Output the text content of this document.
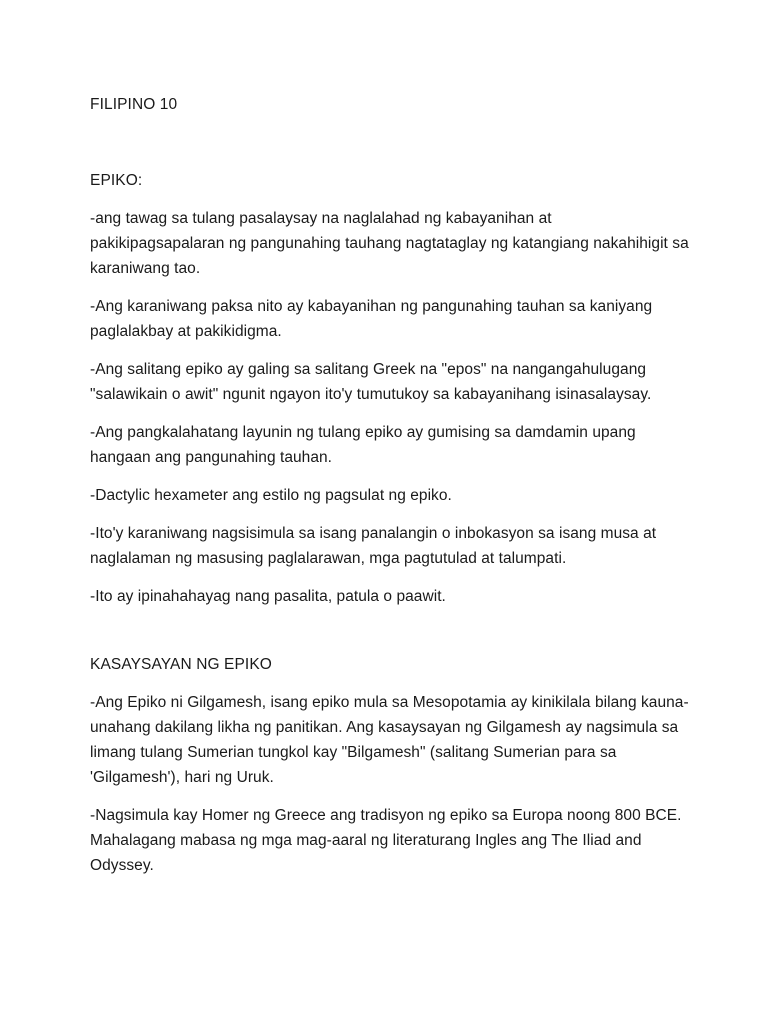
FILIPINO 10

EPIKO:

-ang tawag sa tulang pasalaysay na naglalahad ng kabayanihan at pakikipagsapalaran ng pangunahing tauhang nagtataglay ng katangiang nakahihigit sa karaniwang tao.

-Ang karaniwang paksa nito ay kabayanihan ng pangunahing tauhan sa kaniyang paglalakbay at pakikidigma.

-Ang salitang epiko ay galing sa salitang Greek na "epos" na nangangahulugang "salawikain o awit" ngunit ngayon ito'y tumutukoy sa kabayanihang isinasalaysay.

-Ang pangkalahatang layunin ng tulang epiko ay gumising sa damdamin upang hangaan ang pangunahing tauhan.

-Dactylic hexameter ang estilo ng pagsulat ng epiko.

-Ito'y karaniwang nagsisimula sa isang panalangin o inbokasyon sa isang musa at naglalaman ng masusing paglalarawan, mga pagtutulad at talumpati.

-Ito ay ipinahahayag nang pasalita, patula o paawit.

KASAYSAYAN NG EPIKO

-Ang Epiko ni Gilgamesh, isang epiko mula sa Mesopotamia ay kinikilala bilang kauna-unahang dakilang likha ng panitikan. Ang kasaysayan ng Gilgamesh ay nagsimula sa limang tulang Sumerian tungkol kay "Bilgamesh" (salitang Sumerian para sa 'Gilgamesh'), hari ng Uruk.

-Nagsimula kay Homer ng Greece ang tradisyon ng epiko sa Europa noong 800 BCE. Mahalagang mabasa ng mga mag-aaral ng literaturang Ingles ang The Iliad and Odyssey.
